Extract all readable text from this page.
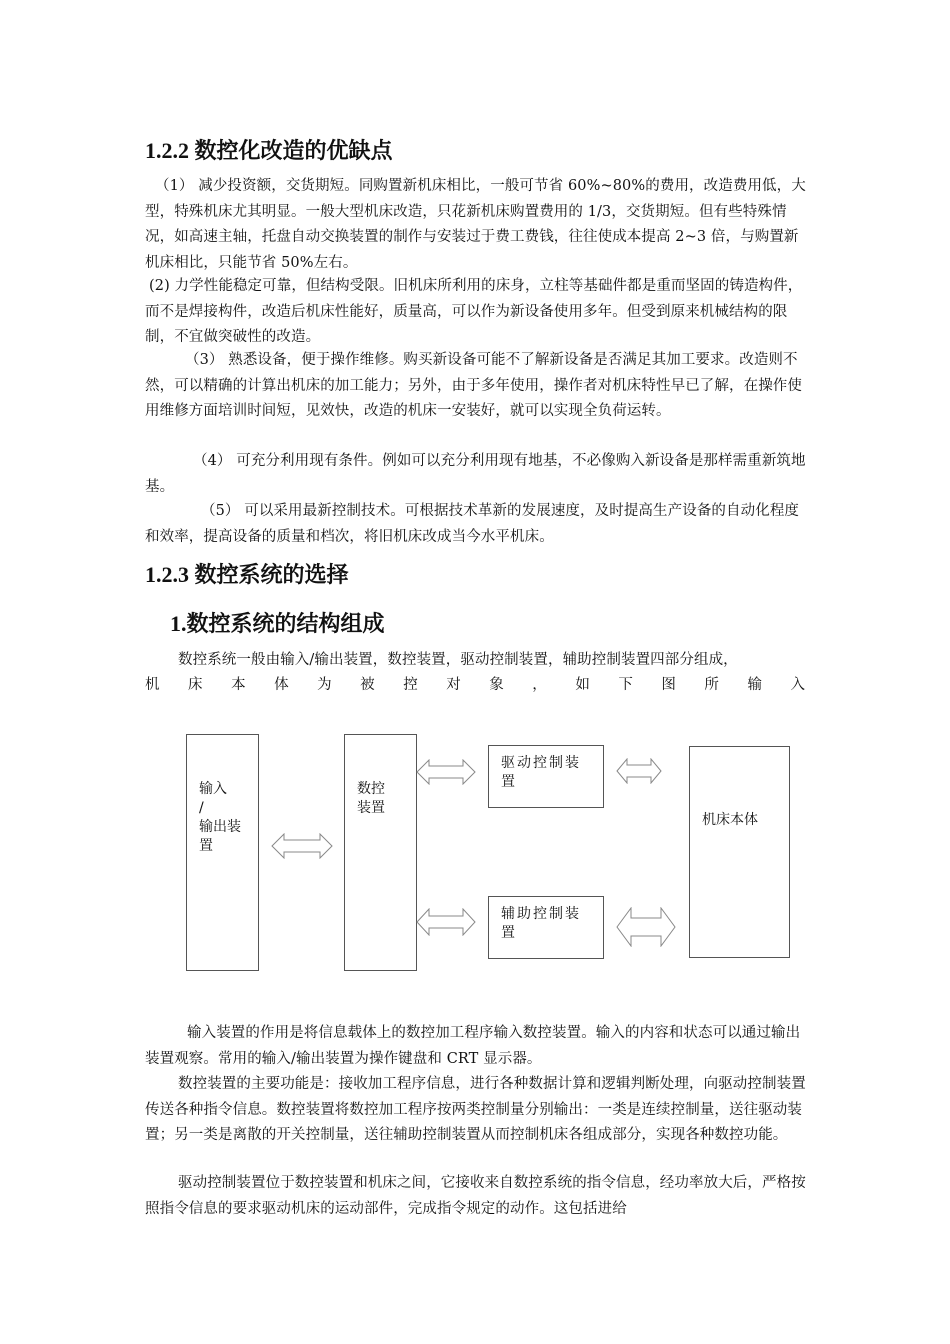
1.2.2 数控化改造的优缺点

（1） 减少投资额，交货期短。同购置新机床相比，一般可节省 60%~80%的费用，改造费用低，大型，特殊机床尤其明显。一般大型机床改造，只花新机床购置费用的 1/3，交货期短。但有些特殊情况，如高速主轴，托盘自动交换装置的制作与安装过于费工费钱，往往使成本提高 2~3 倍，与购置新机床相比，只能节省 50%左右。

(2) 力学性能稳定可靠，但结构受限。旧机床所利用的床身，立柱等基础件都是重而坚固的铸造构件，而不是焊接构件，改造后机床性能好，质量高，可以作为新设备使用多年。但受到原来机械结构的限制，不宜做突破性的改造。

（3） 熟悉设备，便于操作维修。购买新设备可能不了解新设备是否满足其加工要求。改造则不然，可以精确的计算出机床的加工能力；另外，由于多年使用，操作者对机床特性早已了解，在操作使用维修方面培训时间短，见效快，改造的机床一安装好，就可以实现全负荷运转。

（4） 可充分利用现有条件。例如可以充分利用现有地基，不必像购入新设备是那样需重新筑地基。

（5） 可以采用最新控制技术。可根据技术革新的发展速度，及时提高生产设备的自动化程度和效率，提高设备的质量和档次，将旧机床改成当今水平机床。

1.2.3 数控系统的选择
1.数控系统的结构组成

数控系统一般由输入/输出装置，数控装置，驱动控制装置，辅助控制装置四部分组成，

机 床 本 体 为 被 控 对 象 ， 如 下 图 所 输 入
输入
/
输出装
置
数控
装置
驱动控制装
置
辅助控制装
置
机床本体

输入装置的作用是将信息载体上的数控加工程序输入数控装置。输入的内容和状态可以通过输出装置观察。常用的输入/输出装置为操作键盘和 CRT 显示器。

数控装置的主要功能是：接收加工程序信息，进行各种数据计算和逻辑判断处理，向驱动控制装置传送各种指令信息。数控装置将数控加工程序按两类控制量分别输出：一类是连续控制量，送往驱动装置；另一类是离散的开关控制量，送往辅助控制装置从而控制机床各组成部分，实现各种数控功能。

驱动控制装置位于数控装置和机床之间，它接收来自数控系统的指令信息，经功率放大后，严格按照指令信息的要求驱动机床的运动部件，完成指令规定的动作。这包括进给
